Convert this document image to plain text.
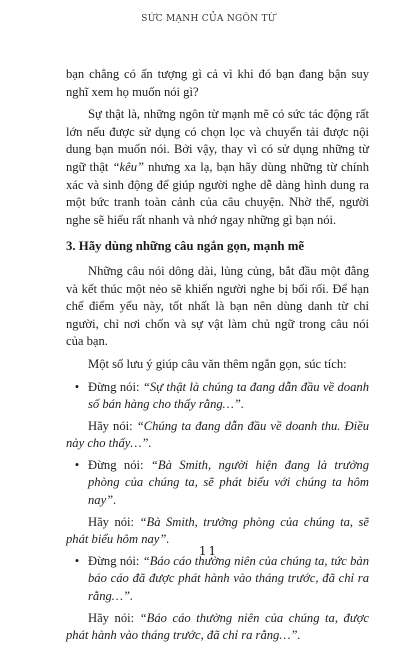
SỨC MẠNH CỦA NGÔN TỪ

bạn chẳng có ấn tượng gì cả vì khi đó bạn đang bận suy nghĩ xem họ muốn nói gì?

Sự thật là, những ngôn từ mạnh mẽ có sức tác động rất lớn nếu được sử dụng có chọn lọc và chuyển tải được nội dung bạn muốn nói. Bởi vậy, thay vì có sử dụng những từ ngữ thật “kêu” nhưng xa lạ, bạn hãy dùng những từ chính xác và sinh động để giúp người nghe dễ dàng hình dung ra một bức tranh toàn cảnh của câu chuyện. Nhờ thế, người nghe sẽ hiểu rất nhanh và nhớ ngay những gì bạn nói.

3. Hãy dùng những câu ngắn gọn, mạnh mẽ

Những câu nói dông dài, lủng củng, bắt đầu một đằng và kết thúc một nẻo sẽ khiến người nghe bị bối rối. Để hạn chế điểm yếu này, tốt nhất là bạn nên dùng danh từ chỉ người, chỉ nơi chốn và sự vật làm chủ ngữ trong câu nói của bạn.

Một số lưu ý giúp câu văn thêm ngắn gọn, súc tích:

• Đừng nói: “Sự thật là chúng ta đang dẫn đầu về doanh số bán hàng cho thấy rằng…”.

Hãy nói: “Chúng ta đang dẫn đầu về doanh thu. Điều này cho thấy…”.

• Đừng nói: “Bà Smith, người hiện đang là trưởng phòng của chúng ta, sẽ phát biểu với chúng ta hôm nay”.

Hãy nói: “Bà Smith, trưởng phòng của chúng ta, sẽ phát biểu hôm nay”.

• Đừng nói: “Báo cáo thường niên của chúng ta, tức bản báo cáo đã được phát hành vào tháng trước, đã chỉ ra rằng…”.

Hãy nói: “Báo cáo thường niên của chúng ta, được phát hành vào tháng trước, đã chỉ ra rằng…”.

11
